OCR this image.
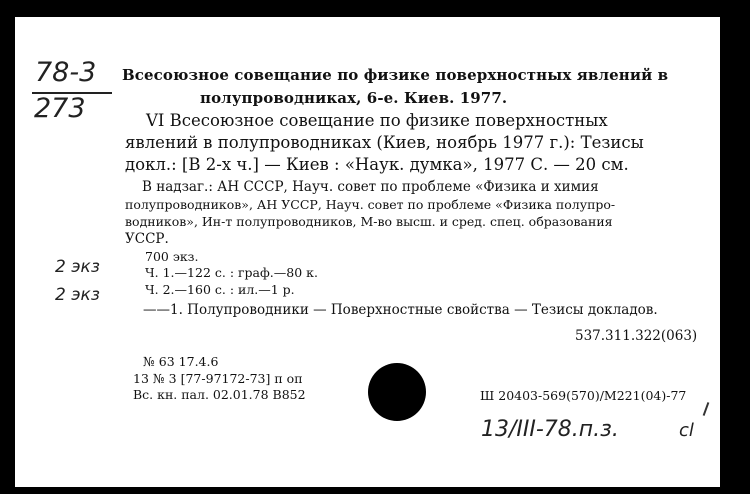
78-3
273
Всесоюзное совещание по физике поверхностных явлений в
полупроводниках, 6-е. Киев. 1977.
VI Всесоюзное совещание по физике поверхностных
явлений в полупроводниках (Киев, ноябрь 1977 г.): Тезисы
докл.: [В 2-х ч.] — Киев : «Наук. думка», 1977 С. — 20 см.
В надзаг.: АН СССР, Науч. совет по проблеме «Физика и химия
полупроводников», АН УССР, Науч. совет по проблеме «Физика полупро-
водников», Ин-т полупроводников, М-во высш. и сред. спец. образования
УССР.
700 экз.
Ч. 1.—122 с. : граф.—80 к.
Ч. 2.—160 с. : ил.—1 р.
2 экз
2 экз
——1. Полупроводники — Поверхностные свойства — Тезисы докладов.
537.311.322(063)
№ 63 17.4.6
13 № 3 [77-97172-73] п оп
Вс. кн. пал. 02.01.78 В852	Ш 20403-569(570)/М221(04)-77
13/III-78.п.з.	cl
